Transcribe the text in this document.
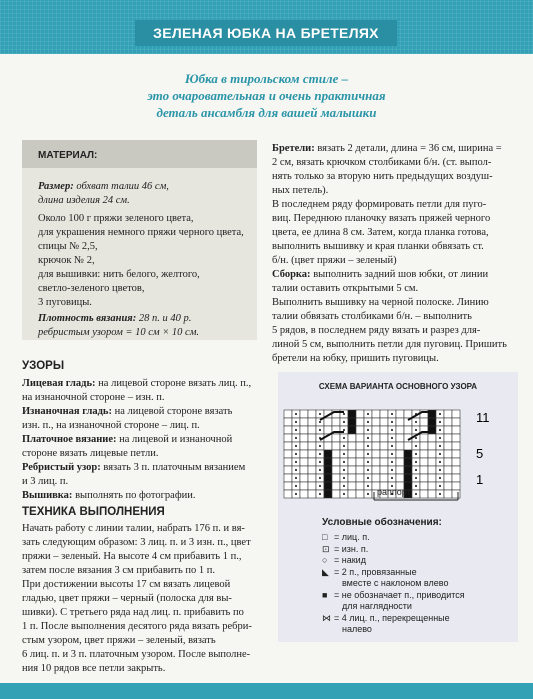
ЗЕЛЕНАЯ ЮБКА НА БРЕТЕЛЯХ
Юбка в тирольском стиле –
это очаровательная и очень практичная
деталь ансамбля для вашей малышки
МАТЕРИАЛ:
Размер: обхват талии 46 см,
длина изделия 24 см.
Около 100 г пряжи зеленого цвета,
для украшения немного пряжи черного цвета,
спицы № 2,5,
крючок № 2,
для вышивки: нить белого, желтого,
светло-зеленого цветов,
3 пуговицы.
Плотность вязания: 28 п. и 40 р.
ребристым узором = 10 см × 10 см.
УЗОРЫ
Лицевая гладь: на лицевой стороне вязать лиц. п.,
на изнаночной стороне – изн. п.
Изнаночная гладь: на лицевой стороне вязать
изн. п., на изнаночной стороне – лиц. п.
Платочное вязание: на лицевой и изнаночной
стороне вязать лицевые петли.
Ребристый узор: вязать 3 п. платочным вязанием
и 3 лиц. п.
Вышивка: выполнять по фотографии.
ТЕХНИКА ВЫПОЛНЕНИЯ
Начать работу с линии талии, набрать 176 п. и вя-
зать следующим образом: 3 лиц. п. и 3 изн. п., цвет
пряжи – зеленый. На высоте 4 см прибавить 1 п.,
затем после вязания 3 см прибавить по 1 п.
При достижении высоты 17 см вязать лицевой
гладью, цвет пряжи – черный (полоска для вы-
шивки). С третьего ряда над лиц. п. прибавить по
1 п. После выполнения десятого ряда вязать ребри-
стым узором, цвет пряжи – зеленый, вязать
6 лиц. п. и 3 п. платочным узором. После выполне-
ния 10 рядов все петли закрыть.
Бретели: вязать 2 детали, длина = 36 см, ширина =
2 см, вязать крючком столбиками б/н. (ст. выпол-
нять только за вторую нить предыдущих воздуш-
ных петель).
В последнем ряду формировать петли для пуго-
виц. Переднюю планочку вязать пряжей черного
цвета, ее длина 8 см. Затем, когда планка готова,
выполнить вышивку и края планки обвязать ст.
б/н. (цвет пряжи – зеленый)
Сборка: выполнить задний шов юбки, от линии
талии оставить открытыми 5 см.
Выполнить вышивку на черной полоске. Линию
талии обвязать столбиками б/н. – выполнить
5 рядов, в последнем ряду вязать и разрез для-
линой 5 см, выполнить петли для пуговиц. Пришить
бретели на юбку, пришить пуговицы.
СХЕМА ВАРИАНТА ОСНОВНОГО УЗОРА
11
5
1
раппорт
Условные обозначения:
□ = лиц. п.
⊡ = изн. п.
○ = накид
◣ = 2 п., провязанные
вместе с наклоном влево
■ = не обозначает п., приводится
для наглядности
⋈ = 4 лиц. п., перекрещенные
налево
